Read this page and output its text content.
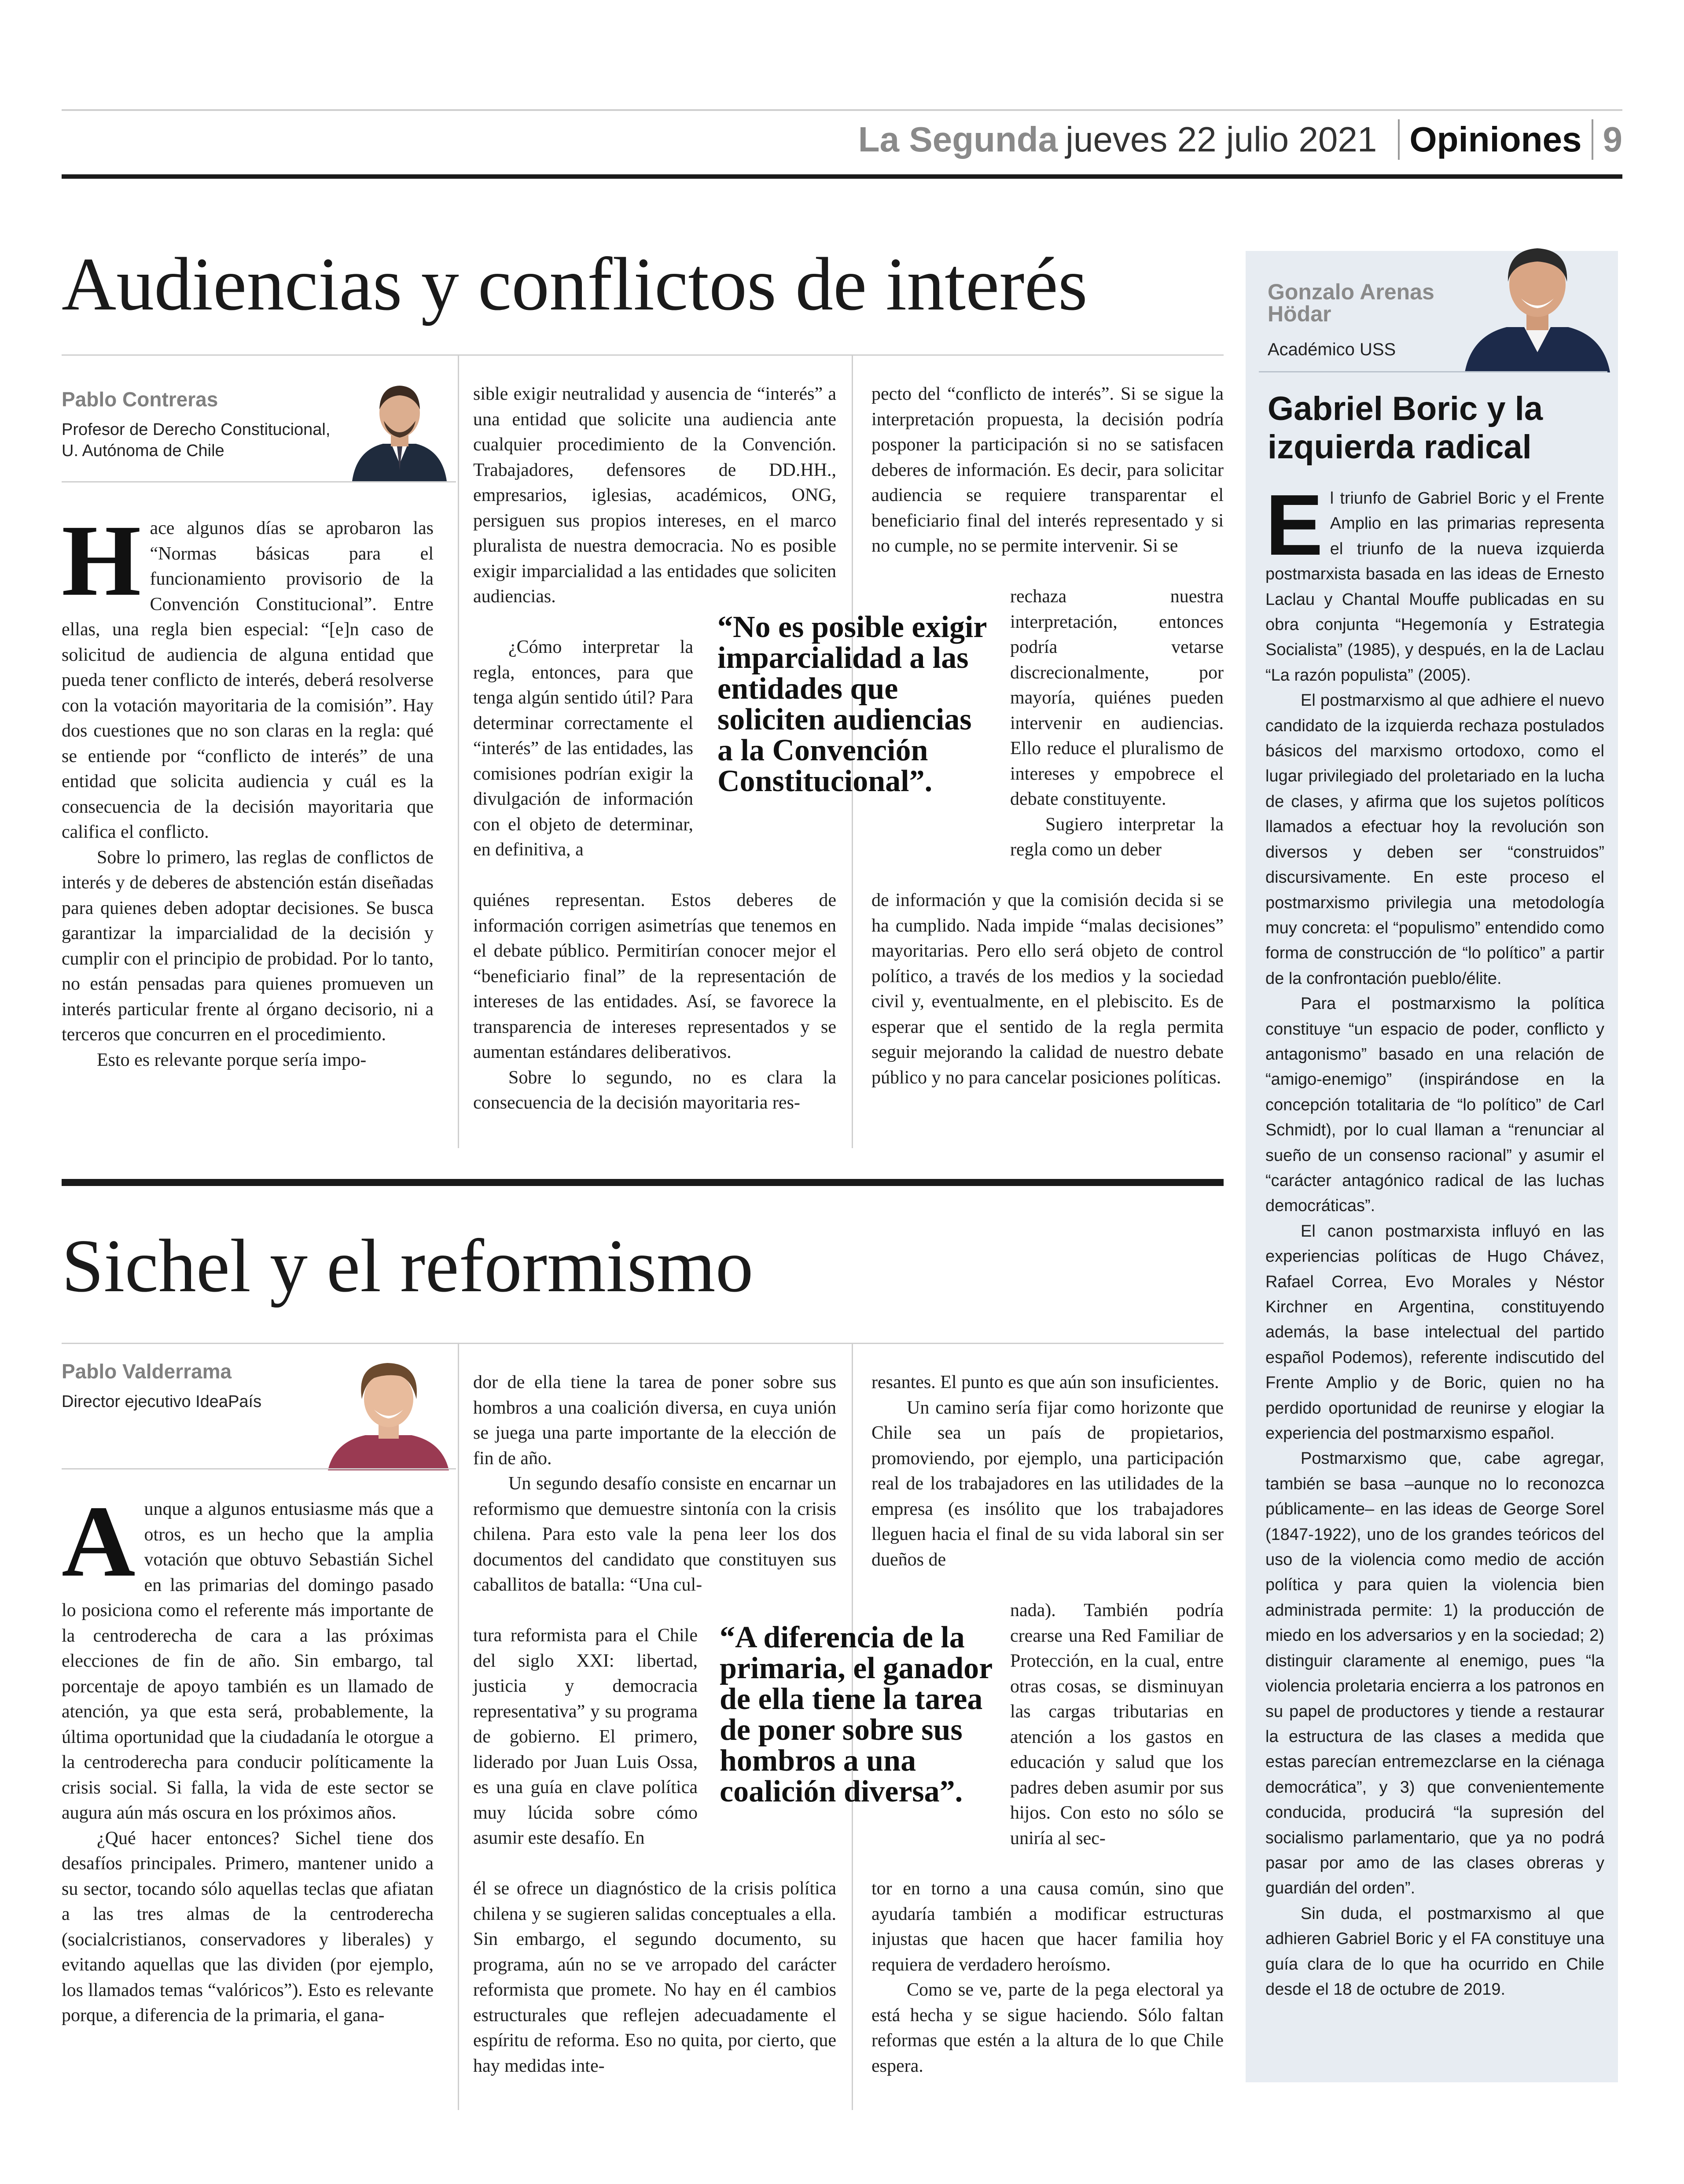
La Segunda jueves 22 julio 2021 Opiniones 9
Audiencias y conflictos de interés
Pablo Contreras
Profesor de Derecho Constitucional, U. Autónoma de Chile

Hace algunos días se aprobaron las “Normas básicas para el funcionamiento provisorio de la Convención Constitucional”. Entre ellas, una regla bien especial: “[e]n caso de solicitud de audiencia de alguna entidad que pueda tener conflicto de interés, deberá resolverse con la votación mayoritaria de la comisión”. Hay dos cuestiones que no son claras en la regla: qué se entiende por “conflicto de interés” de una entidad que solicita audiencia y cuál es la consecuencia de la decisión mayoritaria que califica el conflicto.

Sobre lo primero, las reglas de conflictos de interés y de deberes de abstención están diseñadas para quienes deben adoptar decisiones. Se busca garantizar la imparcialidad de la decisión y cumplir con el principio de probidad. Por lo tanto, no están pensadas para quienes promueven un interés particular frente al órgano decisorio, ni a terceros que concurren en el procedimiento.

Esto es relevante porque sería impo-

sible exigir neutralidad y ausencia de “interés” a una entidad que solicite una audiencia ante cualquier procedimiento de la Convención. Trabajadores, defensores de DD.HH., empresarios, iglesias, académicos, ONG, persiguen sus propios intereses, en el marco pluralista de nuestra democracia. No es posible exigir imparcialidad a las entidades que soliciten audiencias.

¿Cómo interpretar la regla, entonces, para que tenga algún sentido útil? Para determinar correctamente el “interés” de las entidades, las comisiones podrían exigir la divulgación de información con el objeto de determinar, en definitiva, a

quiénes representan. Estos deberes de información corrigen asimetrías que tenemos en el debate público. Permitirían conocer mejor el “beneficiario final” de la representación de intereses de las entidades. Así, se favorece la transparencia de intereses representados y se aumentan estándares deliberativos.

Sobre lo segundo, no es clara la consecuencia de la decisión mayoritaria res-

“No es posible exigir imparcialidad a las entidades que soliciten audiencias a la Convención Constitucional”.

pecto del “conflicto de interés”. Si se sigue la interpretación propuesta, la decisión podría posponer la participación si no se satisfacen deberes de información. Es decir, para solicitar audiencia se requiere transparentar el beneficiario final del interés representado y si no cumple, no se permite intervenir. Si se

rechaza nuestra interpretación, entonces podría vetarse discrecionalmente, por mayoría, quiénes pueden intervenir en audiencias. Ello reduce el pluralismo de intereses y empobrece el debate constituyente.

Sugiero interpretar la regla como un deber

de información y que la comisión decida si se ha cumplido. Nada impide “malas decisiones” mayoritarias. Pero ello será objeto de control político, a través de los medios y la sociedad civil y, eventualmente, en el plebiscito. Es de esperar que el sentido de la regla permita seguir mejorando la calidad de nuestro debate público y no para cancelar posiciones políticas.

Sichel y el reformismo
Pablo Valderrama
Director ejecutivo IdeaPaís

Aunque a algunos entusiasme más que a otros, es un hecho que la amplia votación que obtuvo Sebastián Sichel en las primarias del domingo pasado lo posiciona como el referente más importante de la centroderecha de cara a las próximas elecciones de fin de año. Sin embargo, tal porcentaje de apoyo también es un llamado de atención, ya que esta será, probablemente, la última oportunidad que la ciudadanía le otorgue a la centroderecha para conducir políticamente la crisis social. Si falla, la vida de este sector se augura aún más oscura en los próximos años.

¿Qué hacer entonces? Sichel tiene dos desafíos principales. Primero, mantener unido a su sector, tocando sólo aquellas teclas que afiatan a las tres almas de la centroderecha (socialcristianos, conservadores y liberales) y evitando aquellas que las dividen (por ejemplo, los llamados temas “valóricos”). Esto es relevante porque, a diferencia de la primaria, el gana-

dor de ella tiene la tarea de poner sobre sus hombros a una coalición diversa, en cuya unión se juega una parte importante de la elección de fin de año.

Un segundo desafío consiste en encarnar un reformismo que demuestre sintonía con la crisis chilena. Para esto vale la pena leer los dos documentos del candidato que constituyen sus caballitos de batalla: “Una cul-

tura reformista para el Chile del siglo XXI: libertad, justicia y democracia representativa” y su programa de gobierno. El primero, liderado por Juan Luis Ossa, es una guía en clave política muy lúcida sobre cómo asumir este desafío. En

él se ofrece un diagnóstico de la crisis política chilena y se sugieren salidas conceptuales a ella. Sin embargo, el segundo documento, su programa, aún no se ve arropado del carácter reformista que promete. No hay en él cambios estructurales que reflejen adecuadamente el espíritu de reforma. Eso no quita, por cierto, que hay medidas inte-

“A diferencia de la primaria, el ganador de ella tiene la tarea de poner sobre sus hombros a una coalición diversa”.

resantes. El punto es que aún son insuficientes.

Un camino sería fijar como horizonte que Chile sea un país de propietarios, promoviendo, por ejemplo, una participación real de los trabajadores en las utilidades de la empresa (es insólito que los trabajadores lleguen hacia el final de su vida laboral sin ser dueños de

nada). También podría crearse una Red Familiar de Protección, en la cual, entre otras cosas, se disminuyan las cargas tributarias en atención a los gastos en educación y salud que los padres deben asumir por sus hijos. Con esto no sólo se uniría al sec-

tor en torno a una causa común, sino que ayudaría también a modificar estructuras injustas que hacen que hacer familia hoy requiera de verdadero heroísmo.

Como se ve, parte de la pega electoral ya está hecha y se sigue haciendo. Sólo faltan reformas que estén a la altura de lo que Chile espera.

Gonzalo Arenas Hödar
Académico USS
Gabriel Boric y la izquierda radical

El triunfo de Gabriel Boric y el Frente Amplio en las primarias representa el triunfo de la nueva izquierda postmarxista basada en las ideas de Ernesto Laclau y Chantal Mouffe publicadas en su obra conjunta “Hegemonía y Estrategia Socialista” (1985), y después, en la de Laclau “La razón populista” (2005).

El postmarxismo al que adhiere el nuevo candidato de la izquierda rechaza postulados básicos del marxismo ortodoxo, como el lugar privilegiado del proletariado en la lucha de clases, y afirma que los sujetos políticos llamados a efectuar hoy la revolución son diversos y deben ser “construidos” discursivamente. En este proceso el postmarxismo privilegia una metodología muy concreta: el “populismo” entendido como forma de construcción de “lo político” a partir de la confrontación pueblo/élite.

Para el postmarxismo la política constituye “un espacio de poder, conflicto y antagonismo” basado en una relación de “amigo-enemigo” (inspirándose en la concepción totalitaria de “lo político” de Carl Schmidt), por lo cual llaman a “renunciar al sueño de un consenso racional” y asumir el “carácter antagónico radical de las luchas democráticas”.

El canon postmarxista influyó en las experiencias políticas de Hugo Chávez, Rafael Correa, Evo Morales y Néstor Kirchner en Argentina, constituyendo además, la base intelectual del partido español Podemos), referente indiscutido del Frente Amplio y de Boric, quien no ha perdido oportunidad de reunirse y elogiar la experiencia del postmarxismo español.

Postmarxismo que, cabe agregar, también se basa –aunque no lo reconozca públicamente– en las ideas de George Sorel (1847-1922), uno de los grandes teóricos del uso de la violencia como medio de acción política y para quien la violencia bien administrada permite: 1) la producción de miedo en los adversarios y en la sociedad; 2) distinguir claramente al enemigo, pues “la violencia proletaria encierra a los patronos en su papel de productores y tiende a restaurar la estructura de las clases a medida que estas parecían entremezclarse en la ciénaga democrática”, y 3) que convenientemente conducida, producirá “la supresión del socialismo parlamentario, que ya no podrá pasar por amo de las clases obreras y guardián del orden”.

Sin duda, el postmarxismo al que adhieren Gabriel Boric y el FA constituye una guía clara de lo que ha ocurrido en Chile desde el 18 de octubre de 2019.
